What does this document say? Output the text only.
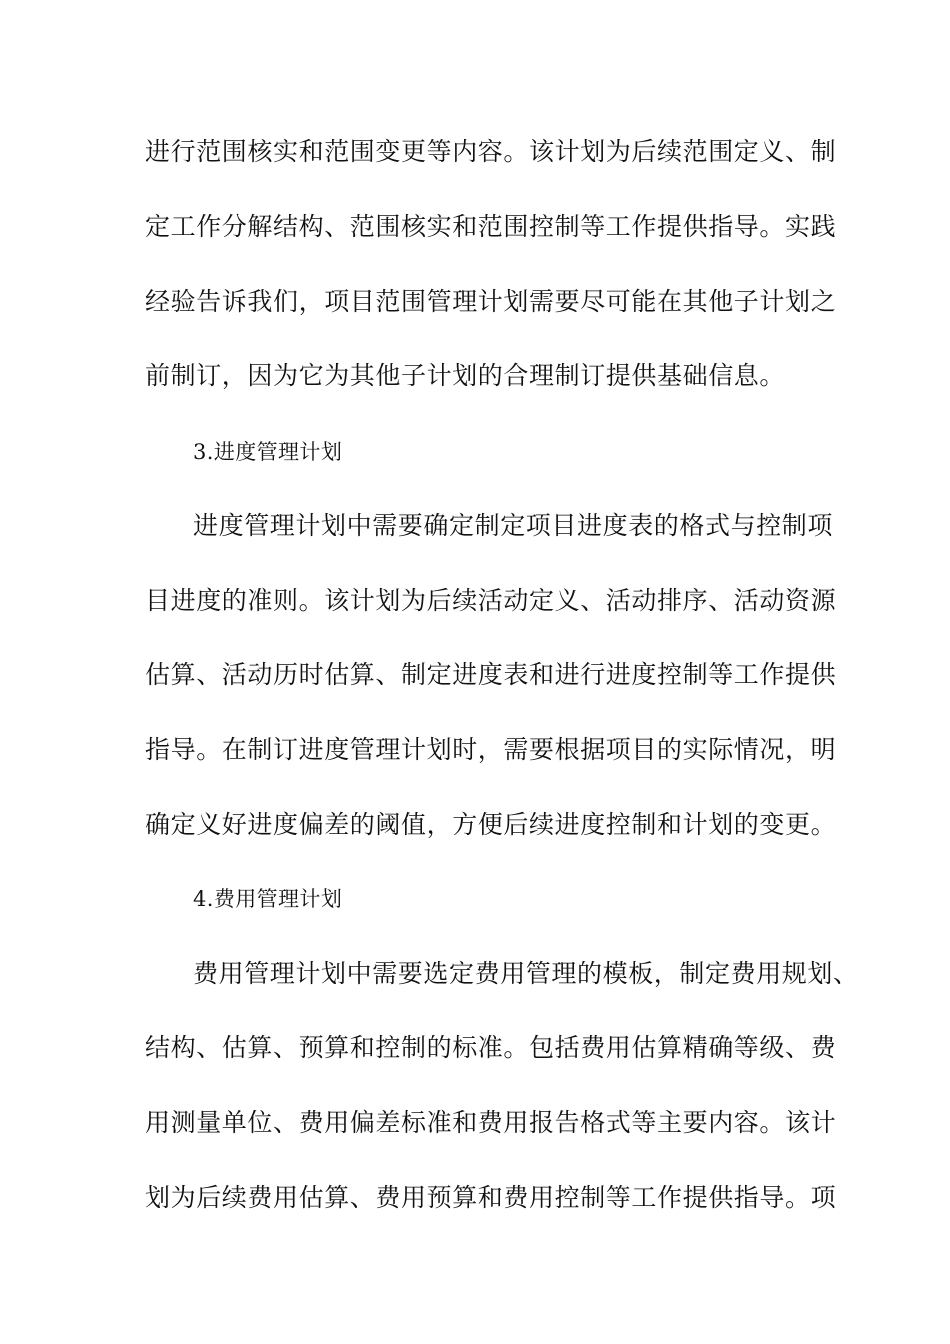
进行范围核实和范围变更等内容。该计划为后续范围定义、制
定工作分解结构、范围核实和范围控制等工作提供指导。实践
经验告诉我们，项目范围管理计划需要尽可能在其他子计划之
前制订，因为它为其他子计划的合理制订提供基础信息。
3.进度管理计划
进度管理计划中需要确定制定项目进度表的格式与控制项
目进度的准则。该计划为后续活动定义、活动排序、活动资源
估算、活动历时估算、制定进度表和进行进度控制等工作提供
指导。在制订进度管理计划时，需要根据项目的实际情况，明
确定义好进度偏差的阈值，方便后续进度控制和计划的变更。
4.费用管理计划
费用管理计划中需要选定费用管理的模板，制定费用规划、
结构、估算、预算和控制的标准。包括费用估算精确等级、费
用测量单位、费用偏差标准和费用报告格式等主要内容。该计
划为后续费用估算、费用预算和费用控制等工作提供指导。项
